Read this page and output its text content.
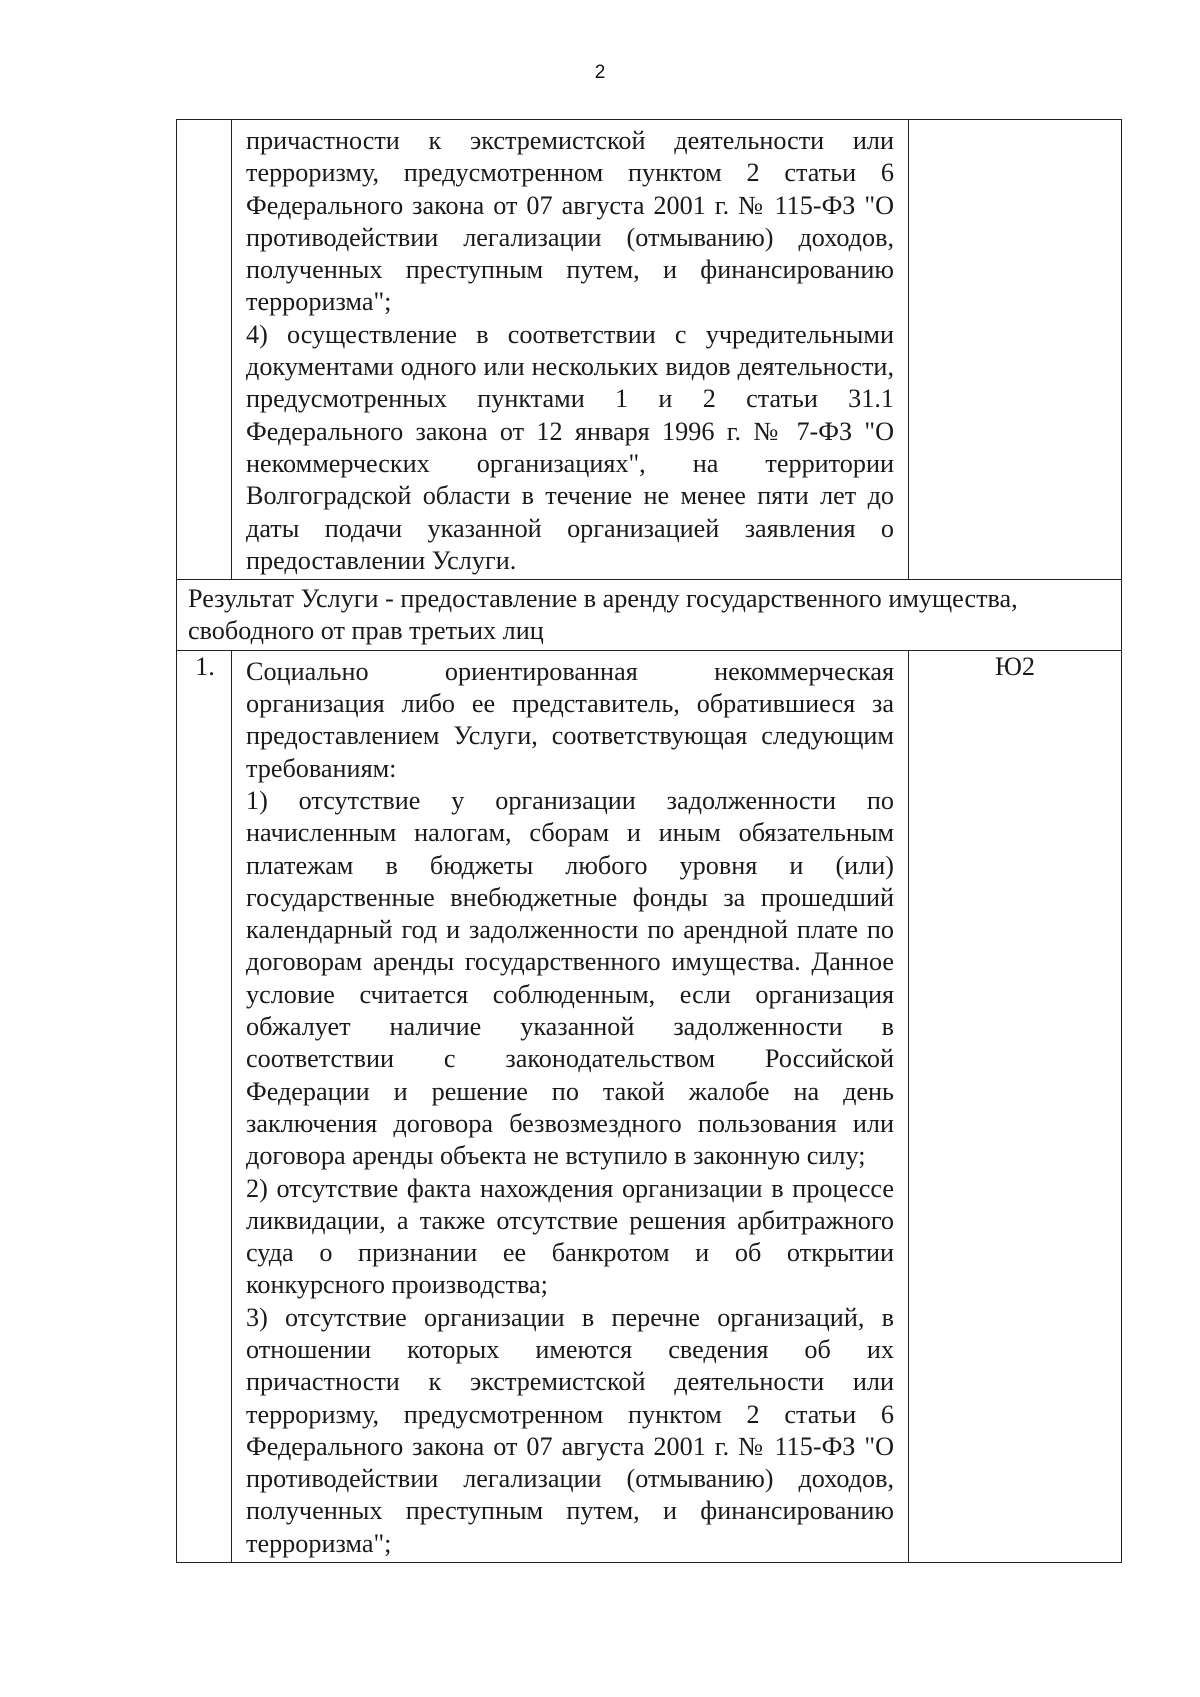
2

	причастности к экстремистской деятельности или терроризму, предусмотренном пунктом 2 статьи 6 Федерального закона от 07 августа 2001 г. № 115-ФЗ "О противодействии легализации (отмыванию) доходов, полученных преступным путем, и финансированию терроризма";
4) осуществление в соответствии с учредительными документами одного или нескольких видов деятельности, предусмотренных пунктами 1 и 2 статьи 31.1 Федерального закона от 12 января 1996 г. № 7-ФЗ "О некоммерческих организациях", на территории Волгоградской области в течение не менее пяти лет до даты подачи указанной организацией заявления о предоставлении Услуги.	

Результат Услуги - предоставление в аренду государственного имущества, свободного от прав третьих лиц		

1.	Социально ориентированная некоммерческая организация либо ее представитель, обратившиеся за предоставлением Услуги, соответствующая следующим требованиям:
1) отсутствие у организации задолженности по начисленным налогам, сборам и иным обязательным платежам в бюджеты любого уровня и (или) государственные внебюджетные фонды за прошедший календарный год и задолженности по арендной плате по договорам аренды государственного имущества. Данное условие считается соблюденным, если организация обжалует наличие указанной задолженности в соответствии с законодательством Российской Федерации и решение по такой жалобе на день заключения договора безвозмездного пользования или договора аренды объекта не вступило в законную силу;
2) отсутствие факта нахождения организации в процессе ликвидации, а также отсутствие решения арбитражного суда о признании ее банкротом и об открытии конкурсного производства;
3) отсутствие организации в перечне организаций, в отношении которых имеются сведения об их причастности к экстремистской деятельности или терроризму, предусмотренном пунктом 2 статьи 6 Федерального закона от 07 августа 2001 г. № 115-ФЗ "О противодействии легализации (отмыванию) доходов, полученных преступным путем, и финансированию терроризма";	Ю2
